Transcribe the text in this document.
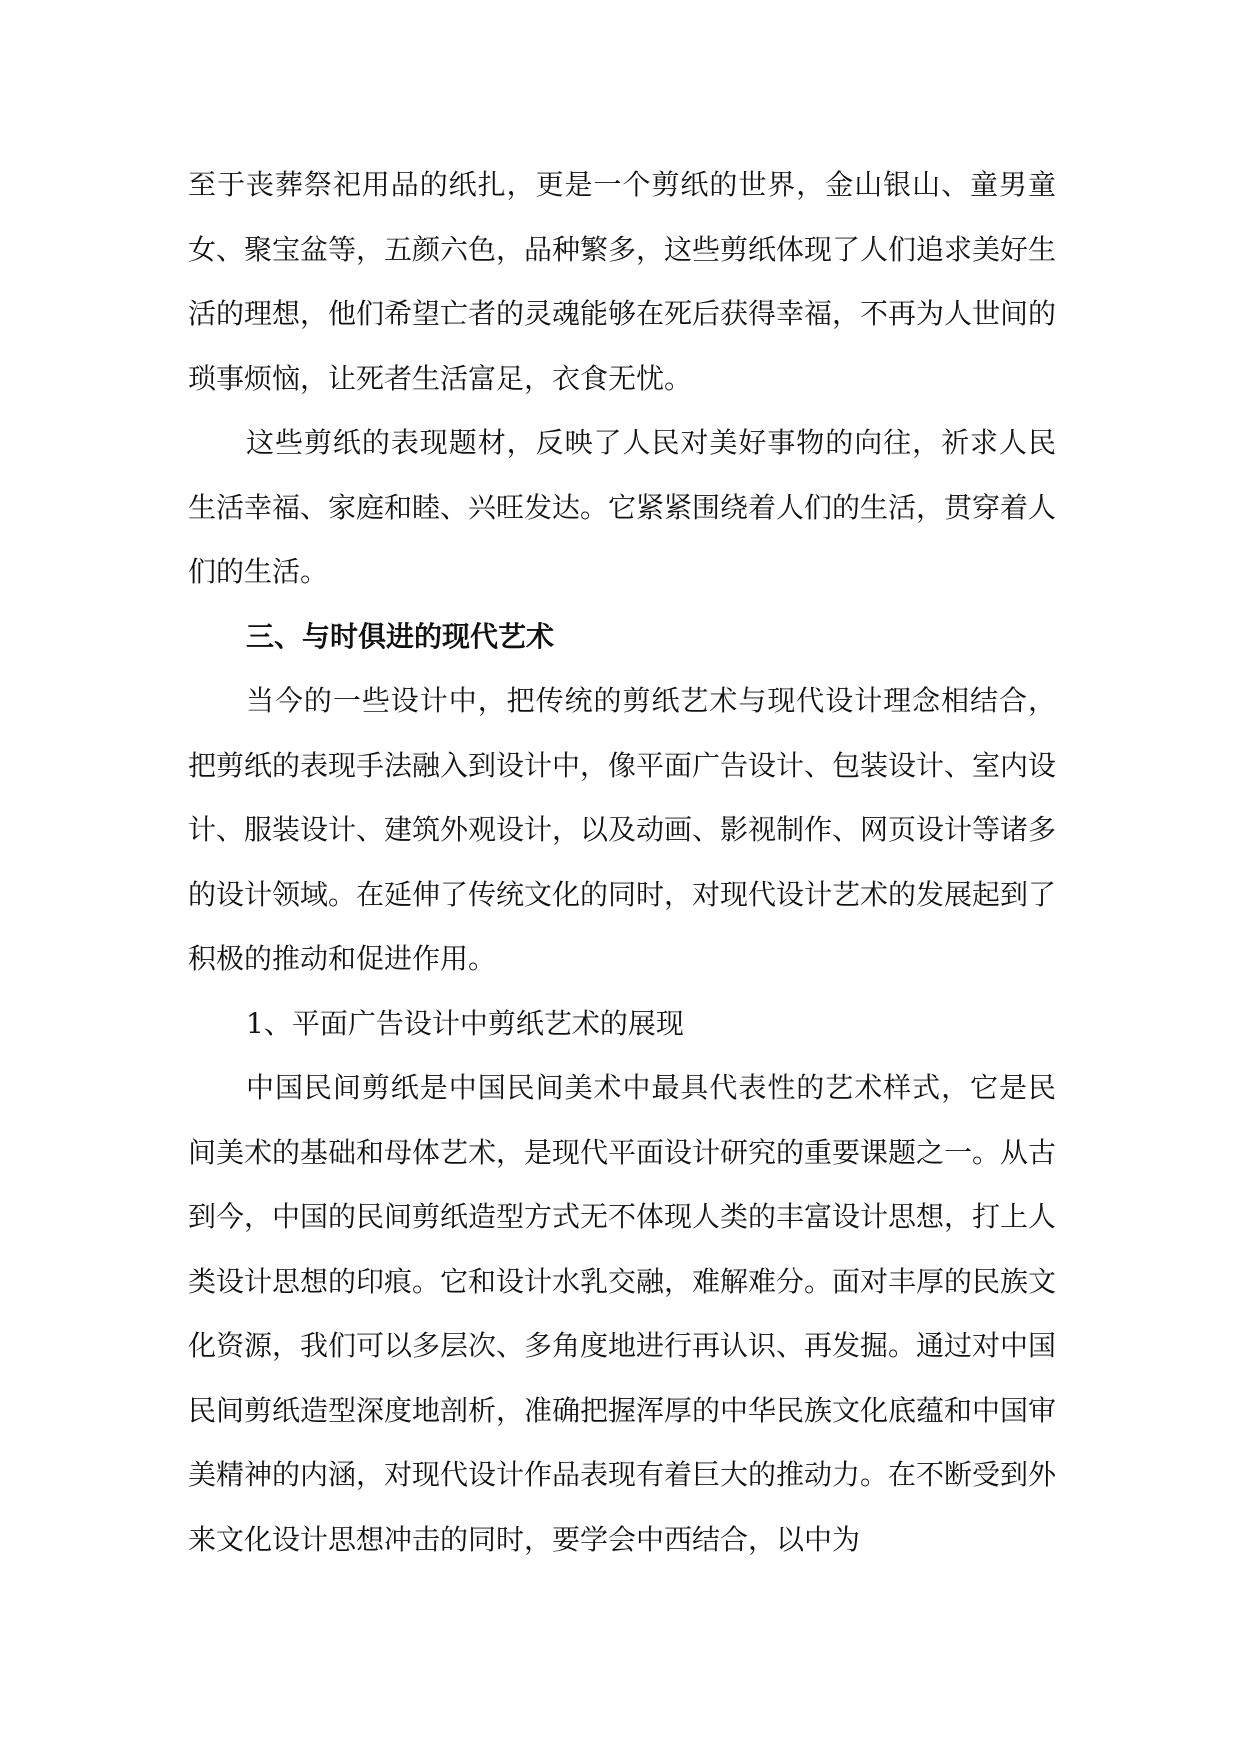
至于丧葬祭祀用品的纸扎，更是一个剪纸的世界，金山银山、童男童女、聚宝盆等，五颜六色，品种繁多，这些剪纸体现了人们追求美好生活的理想，他们希望亡者的灵魂能够在死后获得幸福，不再为人世间的琐事烦恼，让死者生活富足，衣食无忧。

这些剪纸的表现题材，反映了人民对美好事物的向往，祈求人民生活幸福、家庭和睦、兴旺发达。它紧紧围绕着人们的生活，贯穿着人们的生活。

三、与时俱进的现代艺术

当今的一些设计中，把传统的剪纸艺术与现代设计理念相结合，把剪纸的表现手法融入到设计中，像平面广告设计、包装设计、室内设计、服装设计、建筑外观设计，以及动画、影视制作、网页设计等诸多的设计领域。在延伸了传统文化的同时，对现代设计艺术的发展起到了积极的推动和促进作用。

1、平面广告设计中剪纸艺术的展现

中国民间剪纸是中国民间美术中最具代表性的艺术样式，它是民间美术的基础和母体艺术，是现代平面设计研究的重要课题之一。从古到今，中国的民间剪纸造型方式无不体现人类的丰富设计思想，打上人类设计思想的印痕。它和设计水乳交融，难解难分。面对丰厚的民族文化资源，我们可以多层次、多角度地进行再认识、再发掘。通过对中国民间剪纸造型深度地剖析，准确把握浑厚的中华民族文化底蕴和中国审美精神的内涵，对现代设计作品表现有着巨大的推动力。在不断受到外来文化设计思想冲击的同时，要学会中西结合，以中为
